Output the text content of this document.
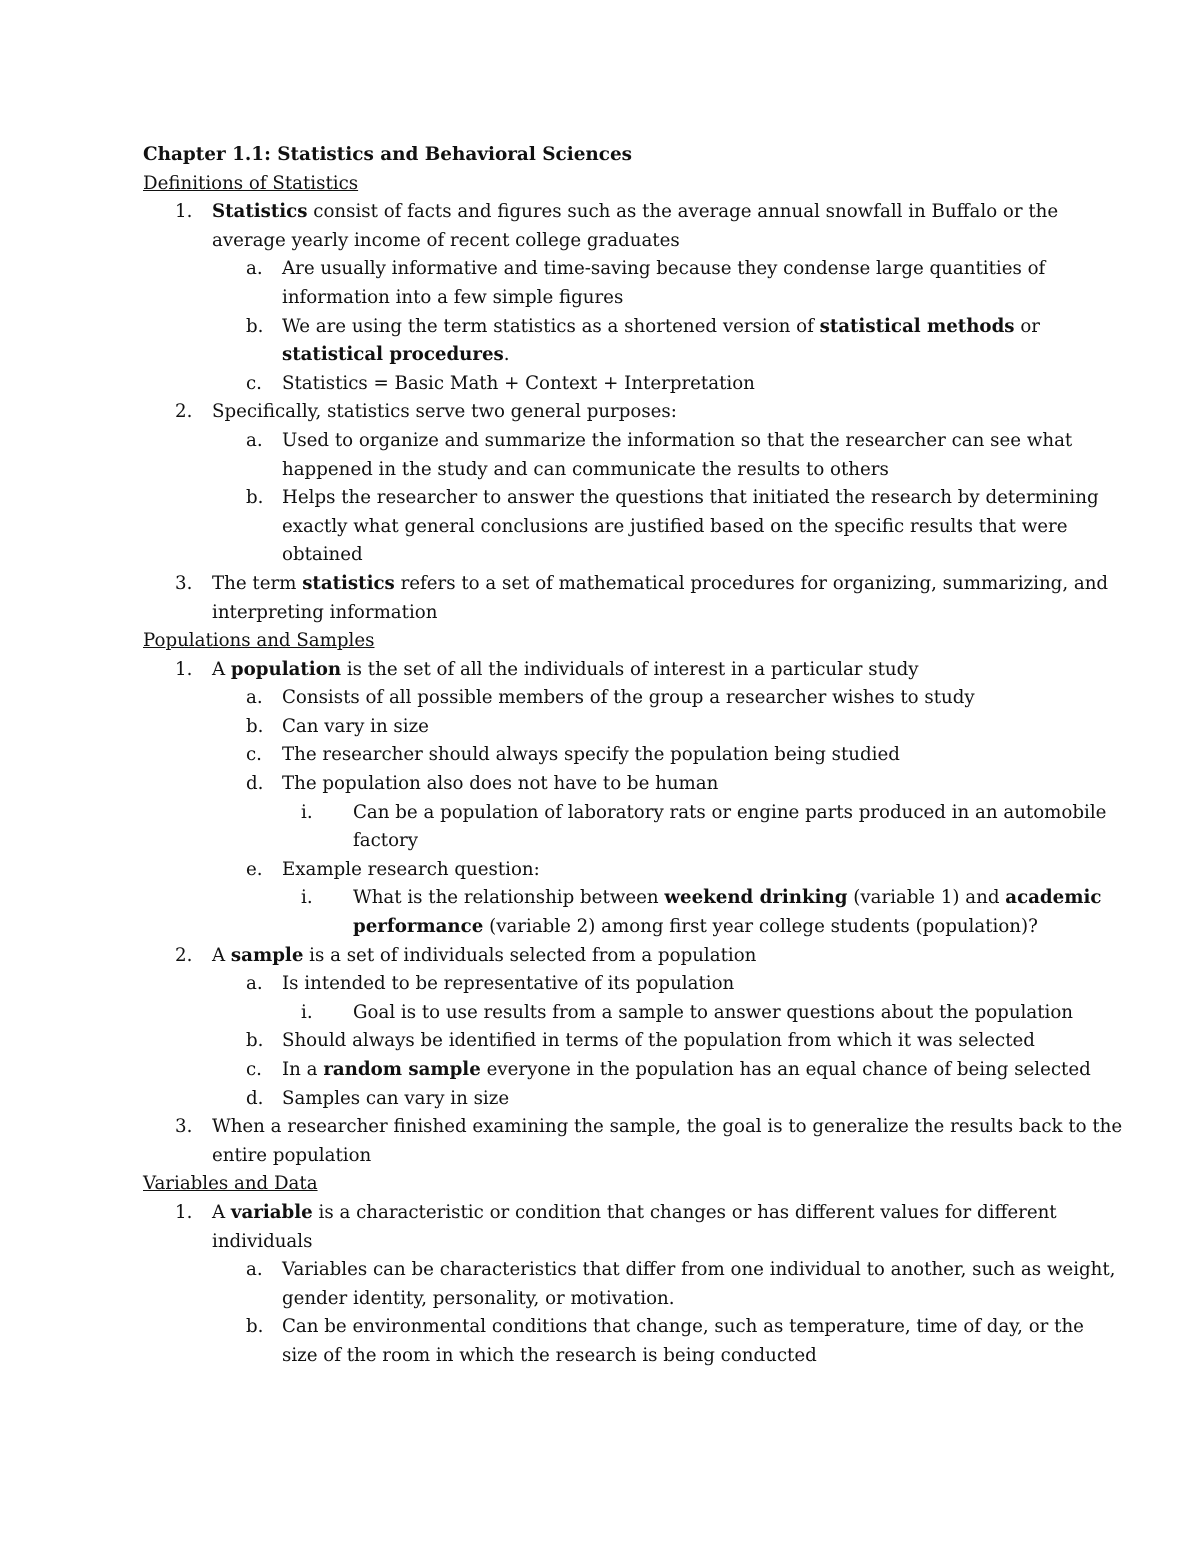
Chapter 1.1: Statistics and Behavioral Sciences
Definitions of Statistics
1. Statistics consist of facts and figures such as the average annual snowfall in Buffalo or the
average yearly income of recent college graduates
a. Are usually informative and time-saving because they condense large quantities of
information into a few simple figures
b. We are using the term statistics as a shortened version of statistical methods or
statistical procedures.
c. Statistics = Basic Math + Context + Interpretation
2. Specifically, statistics serve two general purposes:
a. Used to organize and summarize the information so that the researcher can see what
happened in the study and can communicate the results to others
b. Helps the researcher to answer the questions that initiated the research by determining
exactly what general conclusions are justified based on the specific results that were
obtained
3. The term statistics refers to a set of mathematical procedures for organizing, summarizing, and
interpreting information
Populations and Samples
1. A population is the set of all the individuals of interest in a particular study
a. Consists of all possible members of the group a researcher wishes to study
b. Can vary in size
c. The researcher should always specify the population being studied
d. The population also does not have to be human
i. Can be a population of laboratory rats or engine parts produced in an automobile
factory
e. Example research question:
i. What is the relationship between weekend drinking (variable 1) and academic
performance (variable 2) among first year college students (population)?
2. A sample is a set of individuals selected from a population
a. Is intended to be representative of its population
i. Goal is to use results from a sample to answer questions about the population
b. Should always be identified in terms of the population from which it was selected
c. In a random sample everyone in the population has an equal chance of being selected
d. Samples can vary in size
3. When a researcher finished examining the sample, the goal is to generalize the results back to the
entire population
Variables and Data
1. A variable is a characteristic or condition that changes or has different values for different
individuals
a. Variables can be characteristics that differ from one individual to another, such as weight,
gender identity, personality, or motivation.
b. Can be environmental conditions that change, such as temperature, time of day, or the
size of the room in which the research is being conducted
